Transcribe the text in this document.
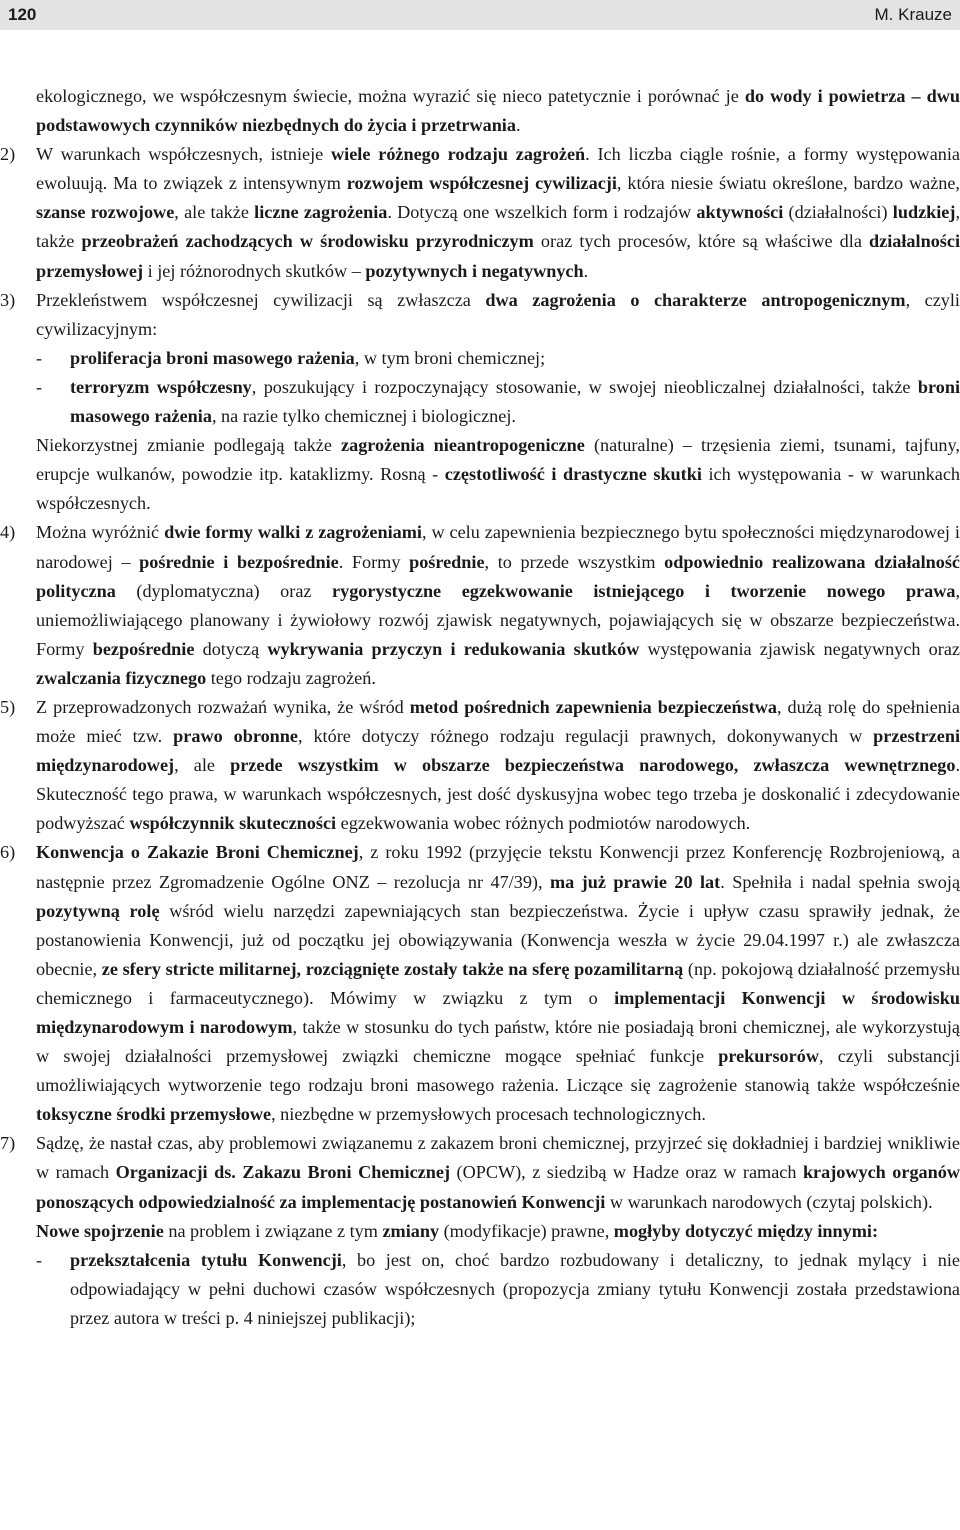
120	M. Krauze
ekologicznego, we współczesnym świecie, można wyrazić się nieco patetycznie i porównać je do wody i powietrza – dwu podstawowych czynników niezbędnych do życia i przetrwania.
2) W warunkach współczesnych, istnieje wiele różnego rodzaju zagrożeń. Ich liczba ciągle rośnie, a formy występowania ewoluują. Ma to związek z intensywnym rozwojem współczesnej cywilizacji, która niesie światu określone, bardzo ważne, szanse rozwojowe, ale także liczne zagrożenia. Dotyczą one wszelkich form i rodzajów aktywności (działalności) ludzkiej, także przeobrażeń zachodzących w środowisku przyrodniczym oraz tych procesów, które są właściwe dla działalności przemysłowej i jej różnorodnych skutków – pozytywnych i negatywnych.
3) Przekleństwem współczesnej cywilizacji są zwłaszcza dwa zagrożenia o charakterze antropogenicznym, czyli cywilizacyjnym:
- proliferacja broni masowego rażenia, w tym broni chemicznej;
- terroryzm współczesny, poszukujący i rozpoczynający stosowanie, w swojej nieobliczalnej działalności, także broni masowego rażenia, na razie tylko chemicznej i biologicznej.
Niekorzystnej zmianie podlegają także zagrożenia nieantropogeniczne (naturalne) – trzęsienia ziemi, tsunami, tajfuny, erupcje wulkanów, powodzie itp. kataklizmy. Rosną - częstotliwość i drastyczne skutki ich występowania - w warunkach współczesnych.
4) Można wyróżnić dwie formy walki z zagrożeniami, w celu zapewnienia bezpiecznego bytu społeczności międzynarodowej i narodowej – pośrednie i bezpośrednie. Formy pośrednie, to przede wszystkim odpowiednio realizowana działalność polityczna (dyplomatyczna) oraz rygorystyczne egzekwowanie istniejącego i tworzenie nowego prawa, uniemożliwiającego planowany i żywiołowy rozwój zjawisk negatywnych, pojawiających się w obszarze bezpieczeństwa. Formy bezpośrednie dotyczą wykrywania przyczyn i redukowania skutków występowania zjawisk negatywnych oraz zwalczania fizycznego tego rodzaju zagrożeń.
5) Z przeprowadzonych rozważań wynika, że wśród metod pośrednich zapewnienia bezpieczeństwa, dużą rolę do spełnienia może mieć tzw. prawo obronne, które dotyczy różnego rodzaju regulacji prawnych, dokonywanych w przestrzeni międzynarodowej, ale przede wszystkim w obszarze bezpieczeństwa narodowego, zwłaszcza wewnętrznego. Skuteczność tego prawa, w warunkach współczesnych, jest dość dyskusyjna wobec tego trzeba je doskonalić i zdecydowanie podwyższać współczynnik skuteczności egzekwowania wobec różnych podmiotów narodowych.
6) Konwencja o Zakazie Broni Chemicznej, z roku 1992 (przyjęcie tekstu Konwencji przez Konferencję Rozbrojeniową, a następnie przez Zgromadzenie Ogólne ONZ – rezolucja nr 47/39), ma już prawie 20 lat. Spełniła i nadal spełnia swoją pozytywną rolę wśród wielu narzędzi zapewniających stan bezpieczeństwa. Życie i upływ czasu sprawiły jednak, że postanowienia Konwencji, już od początku jej obowiązywania (Konwencja weszła w życie 29.04.1997 r.) ale zwłaszcza obecnie, ze sfery stricte militarnej, rozciągnięte zostały także na sferę pozamilitarną (np. pokojową działalność przemysłu chemicznego i farmaceutycznego). Mówimy w związku z tym o implementacji Konwencji w środowisku międzynarodowym i narodowym, także w stosunku do tych państw, które nie posiadają broni chemicznej, ale wykorzystują w swojej działalności przemysłowej związki chemiczne mogące spełniać funkcje prekursorów, czyli substancji umożliwiających wytworzenie tego rodzaju broni masowego rażenia. Liczące się zagrożenie stanowią także współcześnie toksyczne środki przemysłowe, niezbędne w przemysłowych procesach technologicznych.
7) Sądzę, że nastał czas, aby problemowi związanemu z zakazem broni chemicznej, przyjrzeć się dokładniej i bardziej wnikliwie w ramach Organizacji ds. Zakazu Broni Chemicznej (OPCW), z siedzibą w Hadze oraz w ramach krajowych organów ponoszących odpowiedzialność za implementację postanowień Konwencji w warunkach narodowych (czytaj polskich).
Nowe spojrzenie na problem i związane z tym zmiany (modyfikacje) prawne, mogłyby dotyczyć między innymi:
- przekształcenia tytułu Konwencji, bo jest on, choć bardzo rozbudowany i detaliczny, to jednak mylący i nie odpowiadający w pełni duchowi czasów współczesnych (propozycja zmiany tytułu Konwencji została przedstawiona przez autora w treści p. 4 niniejszej publikacji);
